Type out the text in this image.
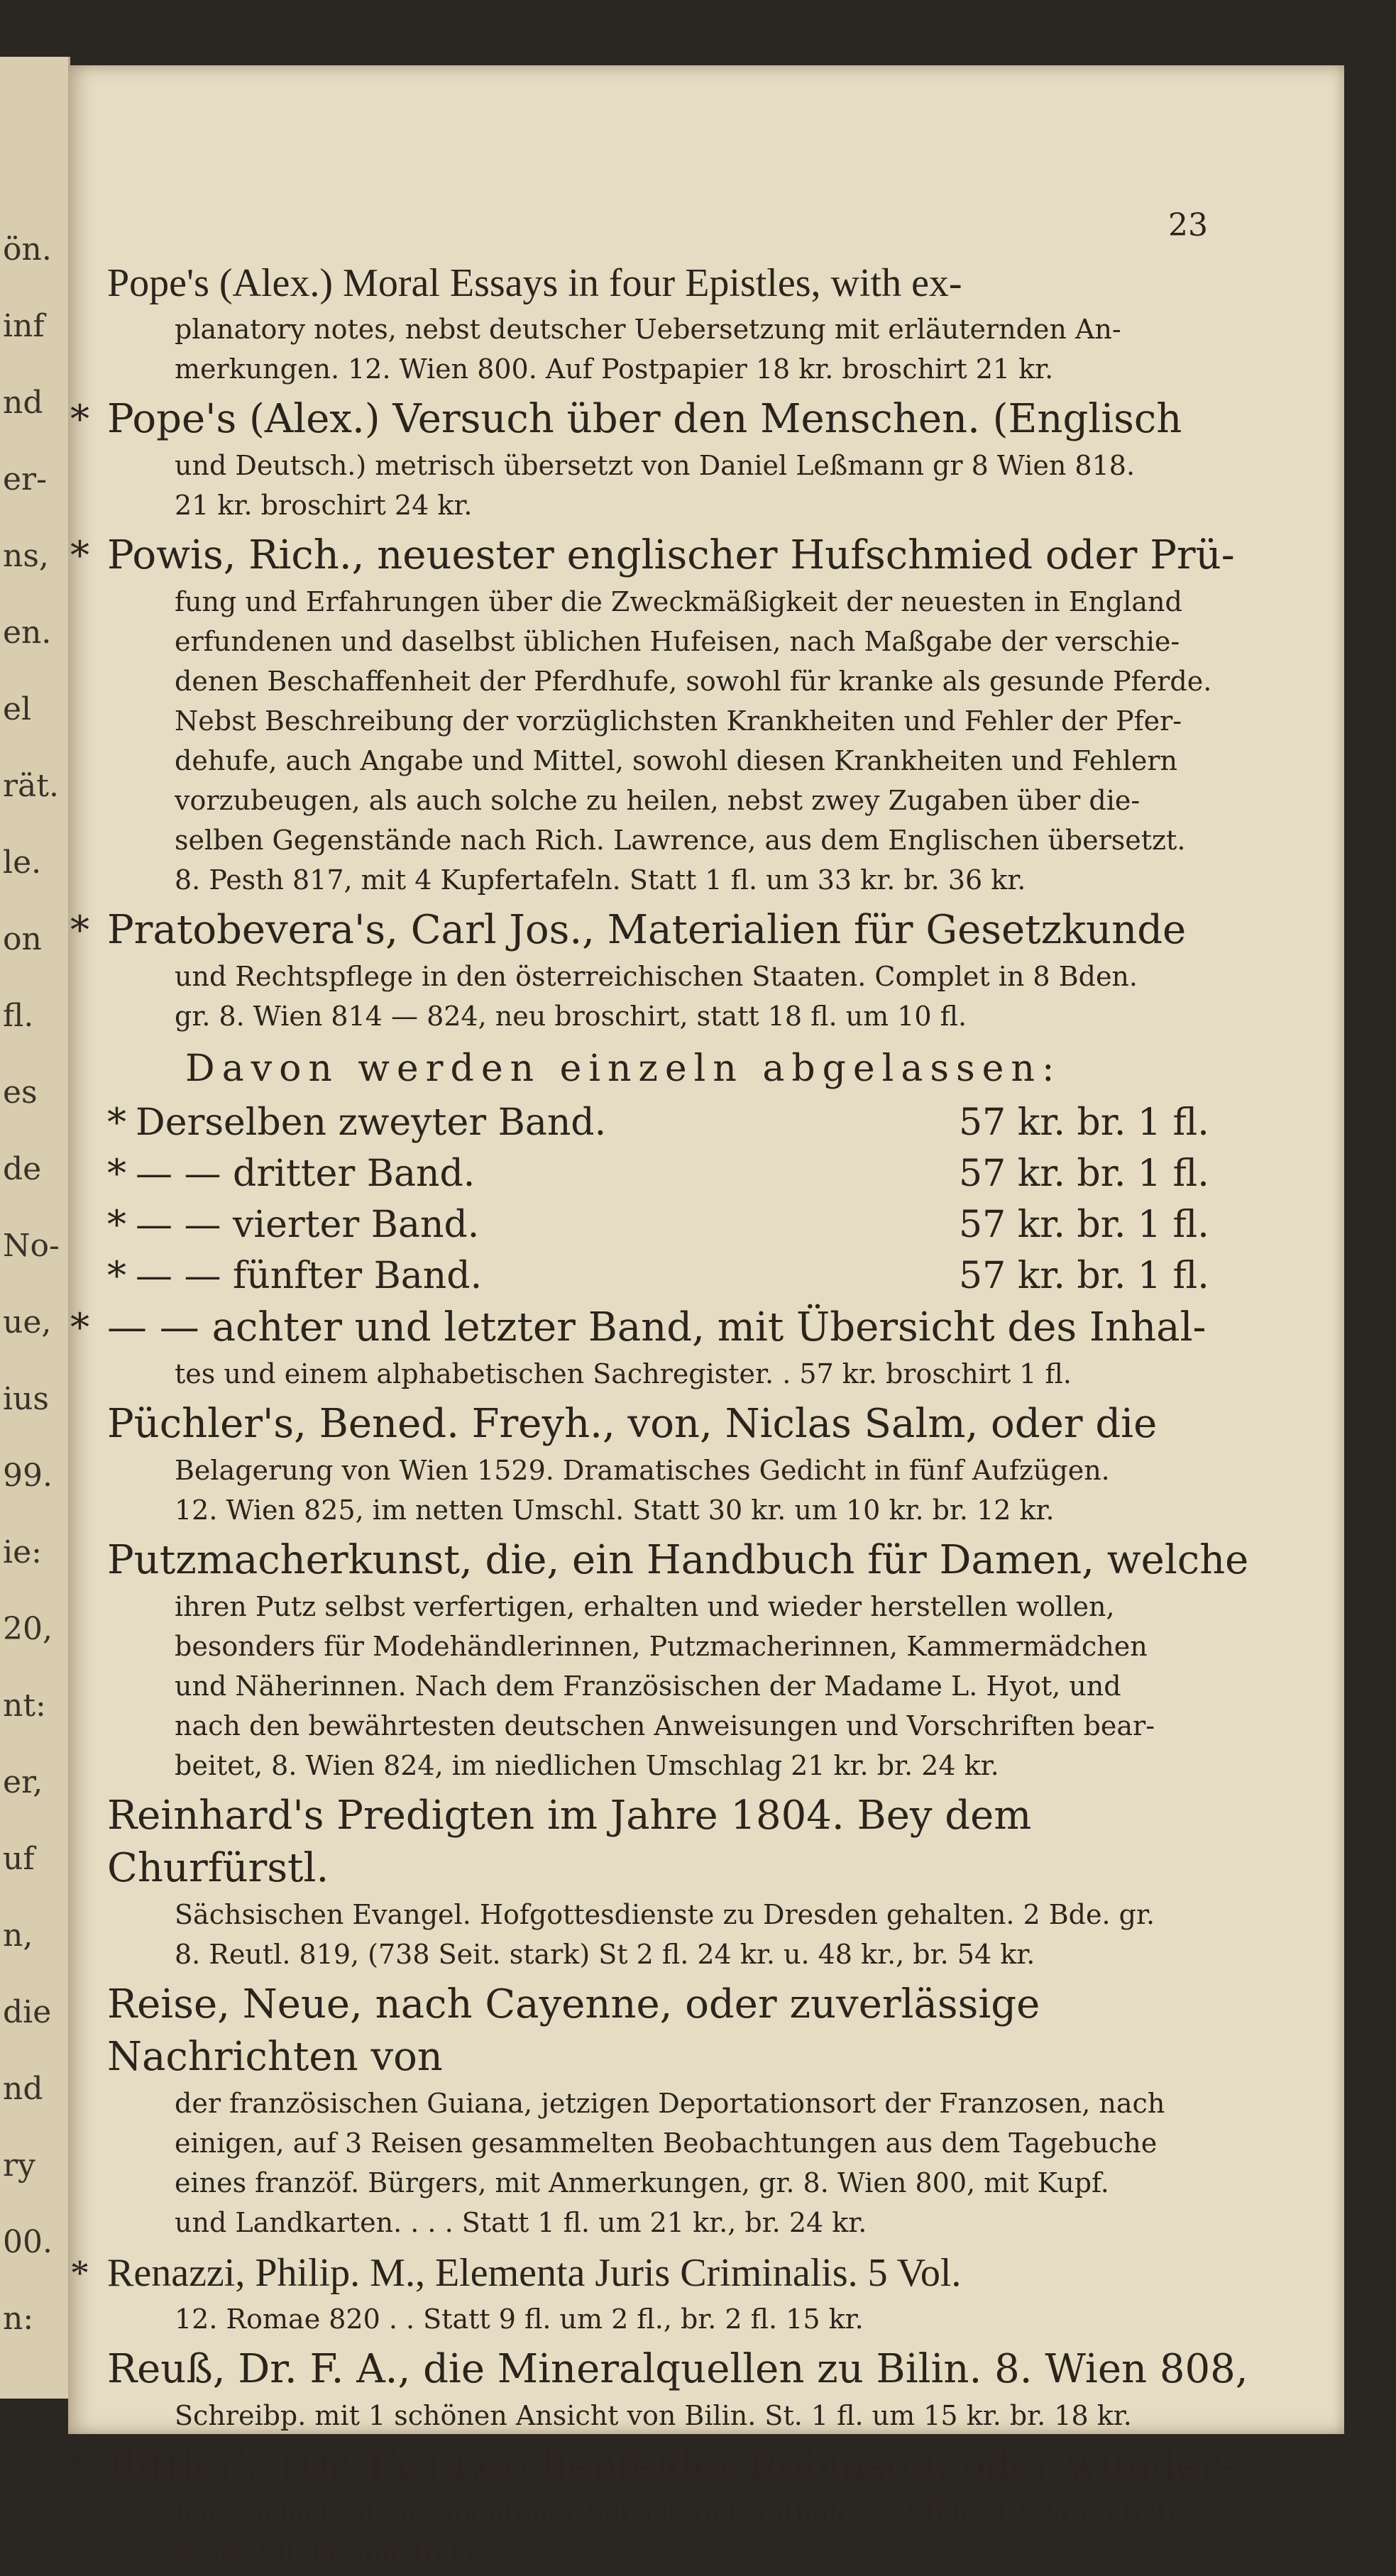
ön.
inf
nd
er-
ns,
en.
el
rät.
le.
on
fl.
es
de
No-
ue,
ius
99.
ie:
20,
nt:
er,
uf
n,
die
nd
ry
00.
n:
23
Pope's (Alex.) Moral Essays in four Epistles, with ex-
planatory notes, nebst deutscher Uebersetzung mit erläuternden An-
merkungen. 12. Wien 800. Auf Postpapier 18 kr. broschirt 21 kr.
* Pope's (Alex.) Versuch über den Menschen. (Englisch
und Deutsch.) metrisch übersetzt von Daniel Leßmann gr 8 Wien 818.
21 kr. broschirt 24 kr.
* Powis, Rich., neuester englischer Hufschmied oder Prü-
fung und Erfahrungen über die Zweckmäßigkeit der neuesten in England
erfundenen und daselbst üblichen Hufeisen, nach Maßgabe der verschie-
denen Beschaffenheit der Pferdhufe, sowohl für kranke als gesunde Pferde.
Nebst Beschreibung der vorzüglichsten Krankheiten und Fehler der Pfer-
dehufe, auch Angabe und Mittel, sowohl diesen Krankheiten und Fehlern
vorzubeugen, als auch solche zu heilen, nebst zwey Zugaben über die-
selben Gegenstände nach Rich. Lawrence, aus dem Englischen übersetzt.
8. Pesth 817, mit 4 Kupfertafeln. Statt 1 fl. um 33 kr. br. 36 kr.
* Pratobevera's, Carl Jos., Materialien für Gesetzkunde
und Rechtspflege in den österreichischen Staaten. Complet in 8 Bden.
gr. 8. Wien 814 — 824, neu broschirt, statt 18 fl. um 10 fl.
Davon werden einzeln abgelassen:
* Derselben zweyter Band.	57 kr. br. 1 fl.
* — — dritter Band.	57 kr. br. 1 fl.
* — — vierter Band.	57 kr. br. 1 fl.
* — — fünfter Band.	57 kr. br. 1 fl.
* — — achter und letzter Band, mit Übersicht des Inhal-
tes und einem alphabetischen Sachregister. . 57 kr. broschirt 1 fl.
Püchler's, Bened. Freyh., von, Niclas Salm, oder die
Belagerung von Wien 1529. Dramatisches Gedicht in fünf Aufzügen.
12. Wien 825, im netten Umschl. Statt 30 kr. um 10 kr. br. 12 kr.
Putzmacherkunst, die, ein Handbuch für Damen, welche
ihren Putz selbst verfertigen, erhalten und wieder herstellen wollen,
besonders für Modehändlerinnen, Putzmacherinnen, Kammermädchen
und Näherinnen. Nach dem Französischen der Madame L. Hyot, und
nach den bewährtesten deutschen Anweisungen und Vorschriften bear-
beitet, 8. Wien 824, im niedlichen Umschlag 21 kr. br. 24 kr.
Reinhard's Predigten im Jahre 1804. Bey dem Churfürstl.
Sächsischen Evangel. Hofgottesdienste zu Dresden gehalten. 2 Bde. gr.
8. Reutl. 819, (738 Seit. stark) St 2 fl. 24 kr. u. 48 kr., br. 54 kr.
Reise, Neue, nach Cayenne, oder zuverlässige Nachrichten von
der französischen Guiana, jetzigen Deportationsort der Franzosen, nach
einigen, auf 3 Reisen gesammelten Beobachtungen aus dem Tagebuche
eines franzöf. Bürgers, mit Anmerkungen, gr. 8. Wien 800, mit Kupf.
und Landkarten. . . . Statt 1 fl. um 21 kr., br. 24 kr.
* Renazzi, Philip. M., Elementa Juris Criminalis. 5 Vol.
12. Romae 820 . . Statt 9 fl. um 2 fl., br. 2 fl. 15 kr.
Reuß, Dr. F. A., die Mineralquellen zu Bilin. 8. Wien 808,
Schreibp. mit 1 schönen Ansicht von Bilin. St. 1 fl. um 15 kr. br. 18 kr.
* Rittler's (Dr. Fr.) Lerchenfelder Robinson, oder wunder-
bare Schicksale u. Abenteuer Sebastian Ganthöfers. 2 Bde. 12. Wien 826.
Statt 2 fl. br. um 48 kr.
